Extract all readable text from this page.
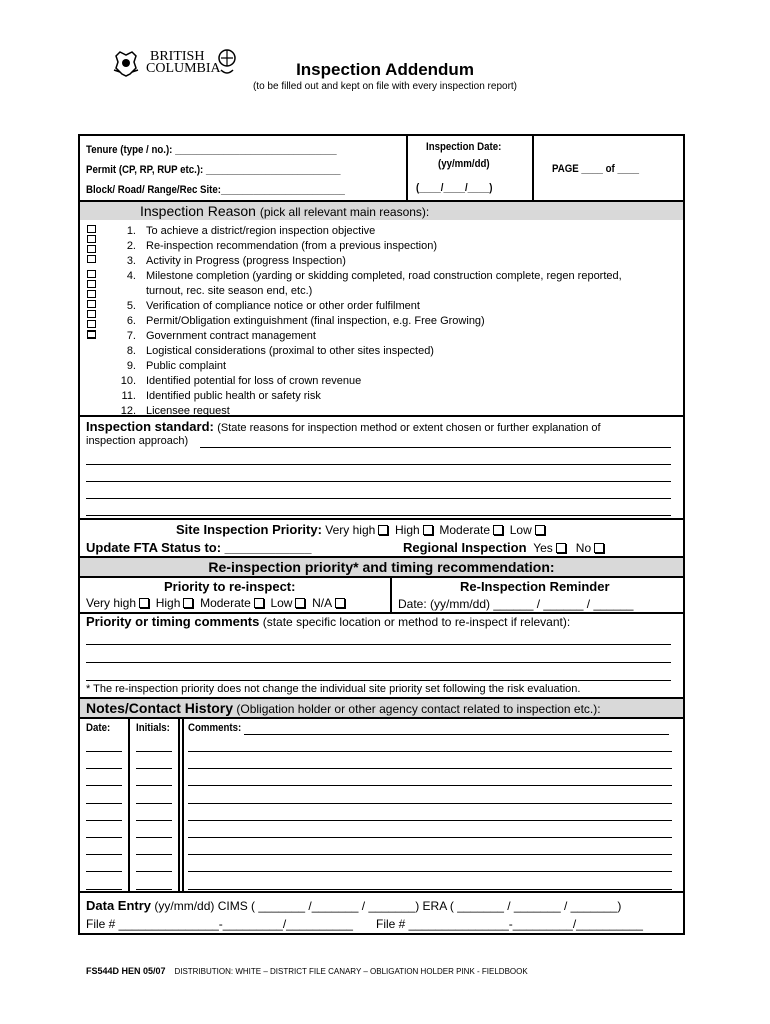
BRITISH
COLUMBIA	Inspection Addendum
(to be filled out and kept on file with every inspection report)
Tenure (type / no.): ______________________________
Permit (CP, RP, RUP etc.): _________________________
Block/ Road/ Range/Rec Site:_______________________
Inspection Date:
(yy/mm/dd)
(____/____/____)
PAGE ____ of ____
Inspection Reason (pick all relevant main reasons):
1. To achieve a district/region inspection objective
2. Re-inspection recommendation (from a previous inspection)
3. Activity in Progress (progress Inspection)
4. Milestone completion (yarding or skidding completed, road construction complete, regen reported,
turnout, rec. site season end, etc.)
5. Verification of compliance notice or other order fulfilment
6. Permit/Obligation extinguishment (final inspection, e.g. Free Growing)
7. Government contract management
8. Logistical considerations (proximal to other sites inspected)
9. Public complaint
10. Identified potential for loss of crown revenue
11. Identified public health or safety risk
12. Licensee request
Inspection standard: (State reasons for inspection method or extent chosen or further explanation of
inspection approach)
Site Inspection Priority: Very high High Moderate Low
Update FTA Status to: ____________	Regional Inspection Yes No
Re-inspection priority* and timing recommendation:
Priority to re-inspect:
Very high High Moderate Low N/A
Re-Inspection Reminder
Date: (yy/mm/dd) ______ / ______ / ______
Priority or timing comments (state specific location or method to re-inspect if relevant):
* The re-inspection priority does not change the individual site priority set following the risk evaluation.
Notes/Contact History (Obligation holder or other agency contact related to inspection etc.):
Date: Initials: Comments:
Data Entry (yy/mm/dd) CIMS ( _______ /_______ / _______) ERA ( _______ / _______ / _______)
File # _______________-_________/__________ File # _______________-_________/__________
FS544D HEN 05/07 DISTRIBUTION: WHITE – DISTRICT FILE CANARY – OBLIGATION HOLDER PINK - FIELDBOOK
